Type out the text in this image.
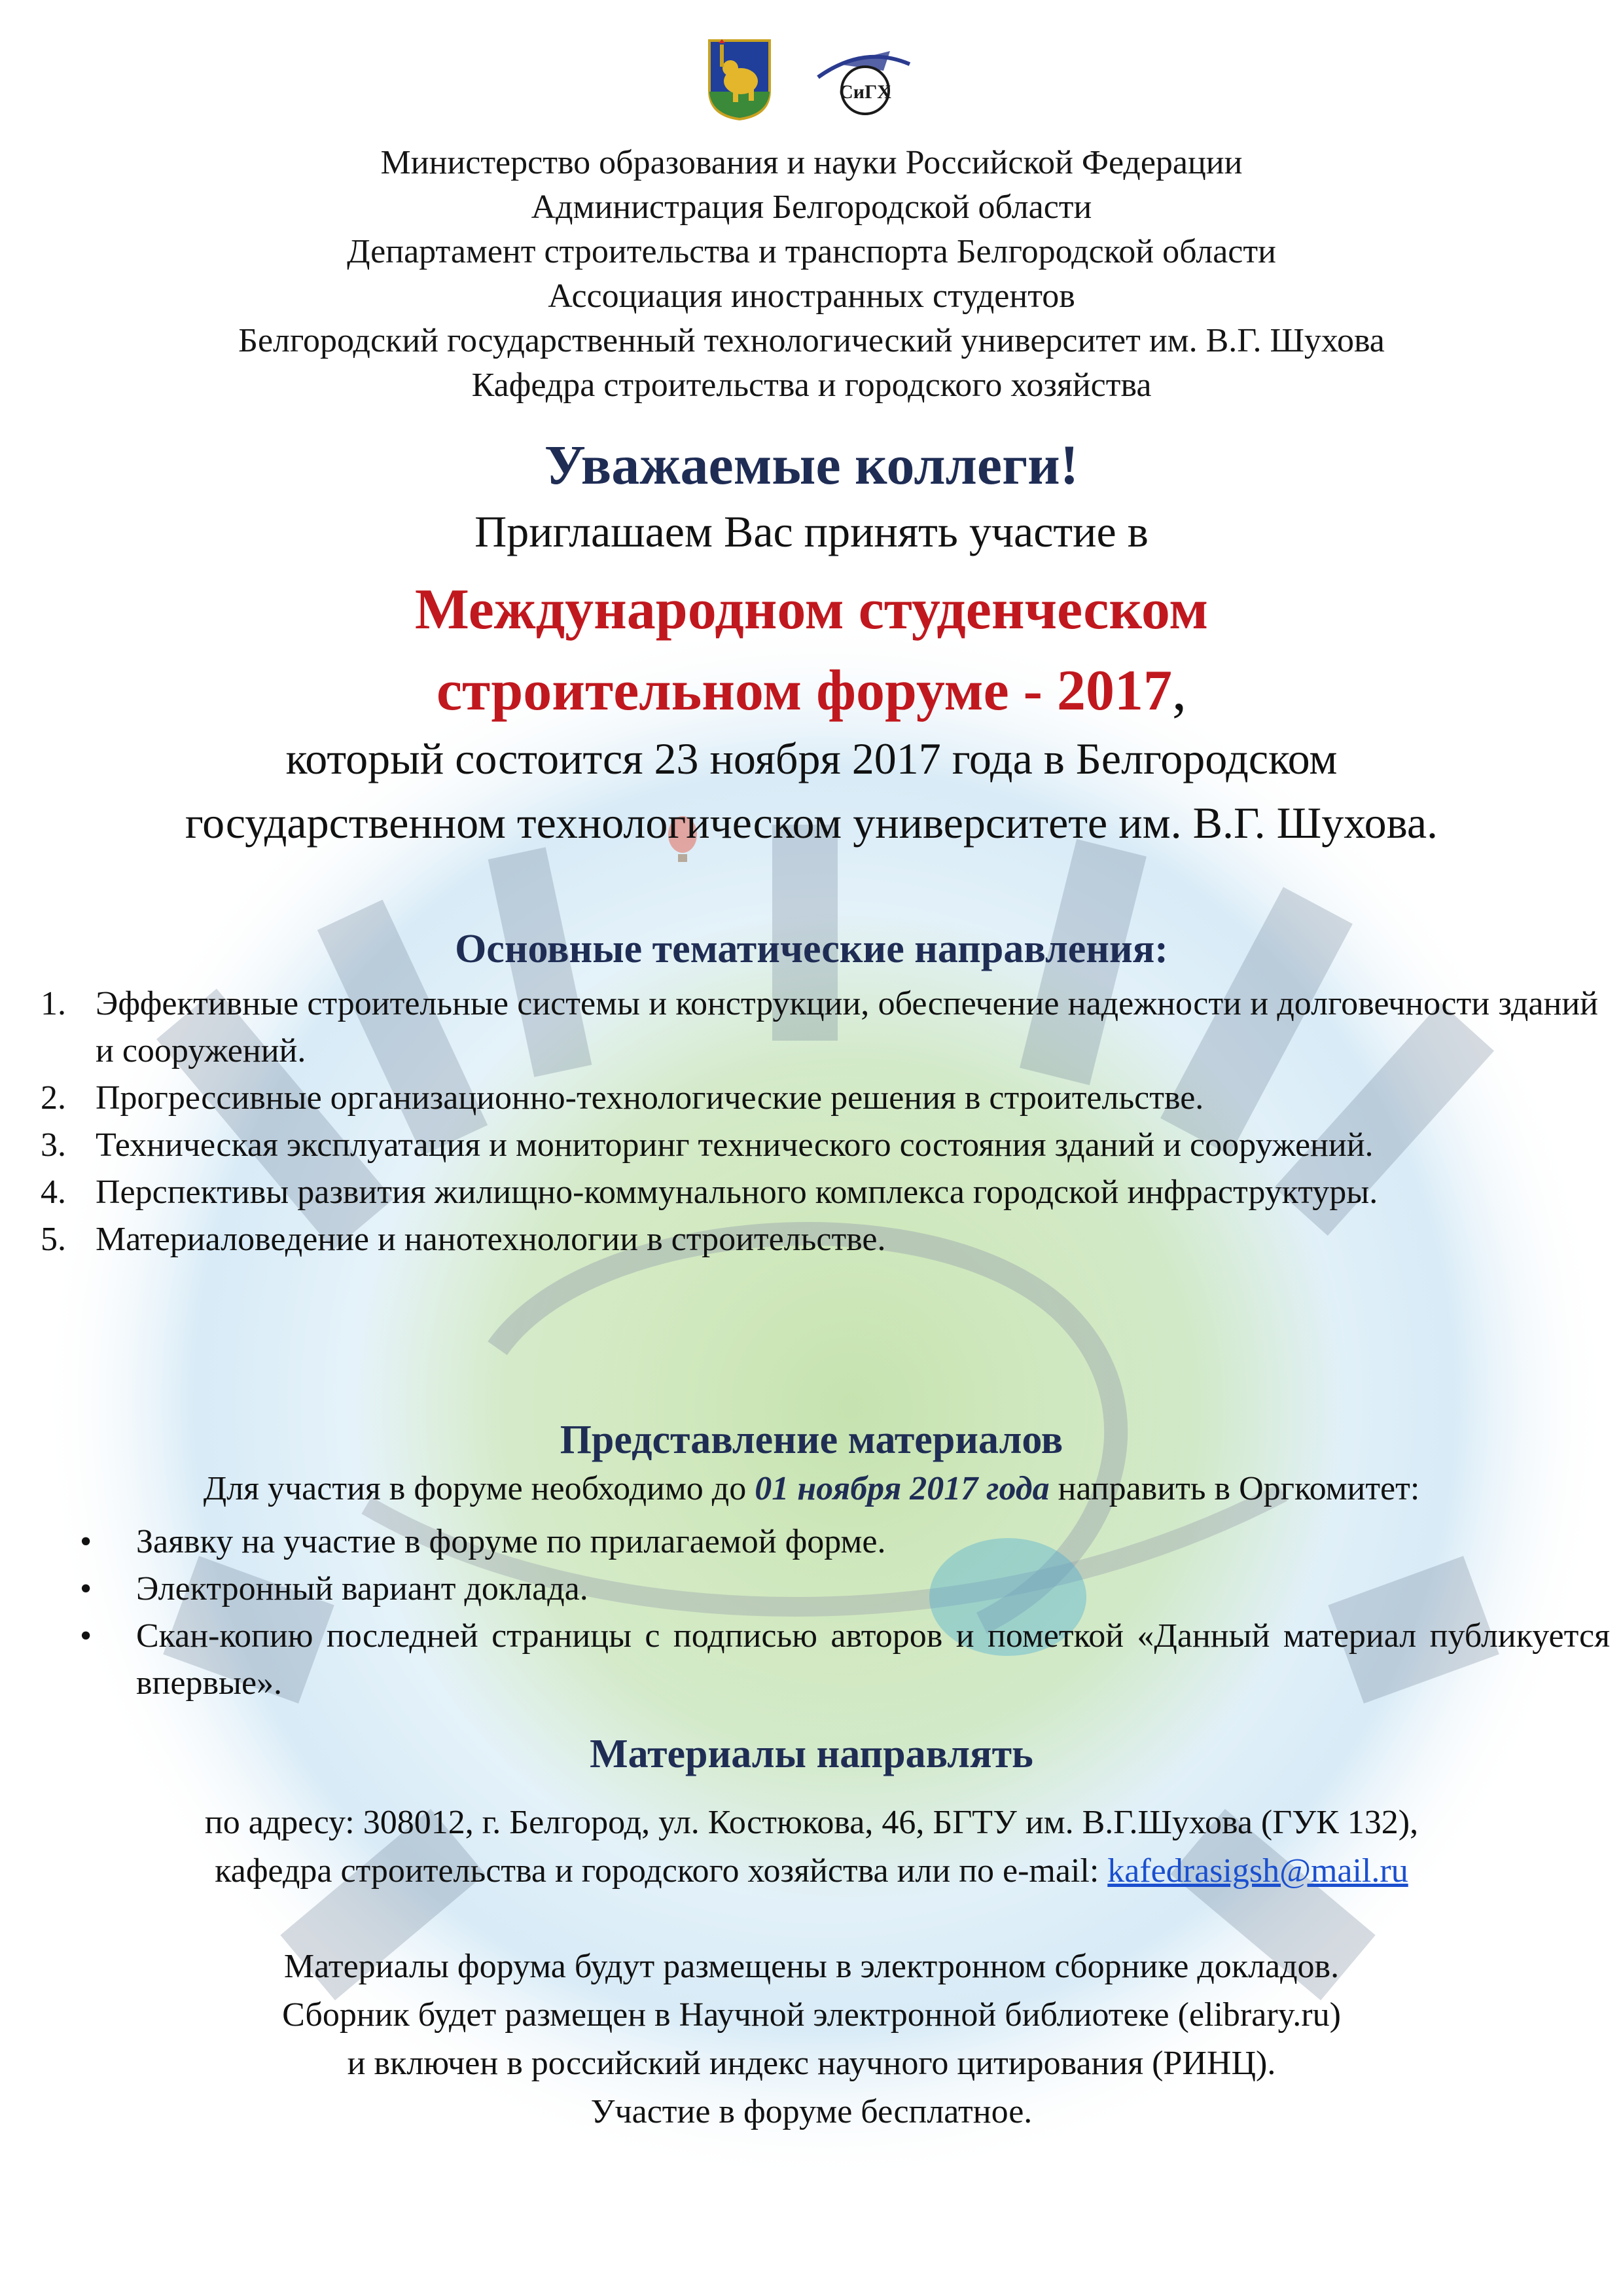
СиГХ
Министерство образования и науки Российской Федерации
Администрация Белгородской области
Департамент строительства и транспорта Белгородской области
Ассоциация иностранных студентов
Белгородский государственный технологический университет им. В.Г. Шухова
Кафедра строительства и городского хозяйства
Уважаемые коллеги!
Приглашаем Вас принять участие в
Международном студенческом
строительном форуме - 2017,
который состоится 23 ноября 2017 года в Белгородском
государственном технологическом университете им. В.Г. Шухова.
Основные тематические направления:
1. Эффективные строительные системы и конструкции, обеспечение надежности и долговечности зданий и сооружений.
2. Прогрессивные организационно-технологические решения в строительстве.
3. Техническая эксплуатация и мониторинг технического состояния зданий и сооружений.
4. Перспективы развития жилищно-коммунального комплекса городской инфраструктуры.
5. Материаловедение и нанотехнологии в строительстве.
Представление материалов
Для участия в форуме необходимо до 01 ноября 2017 года направить в Оргкомитет:
• Заявку на участие в форуме по прилагаемой форме.
• Электронный вариант доклада.
• Скан-копию последней страницы с подписью авторов и пометкой «Данный материал публикуется впервые».
Материалы направлять
по адресу: 308012, г. Белгород, ул. Костюкова, 46, БГТУ им. В.Г.Шухова (ГУК 132),
кафедра строительства и городского хозяйства или по e-mail: kafedrasigsh@mail.ru
Материалы форума будут размещены в электронном сборнике докладов.
Сборник будет размещен в Научной электронной библиотеке (elibrary.ru)
и включен в российский индекс научного цитирования (РИНЦ).
Участие в форуме бесплатное.
